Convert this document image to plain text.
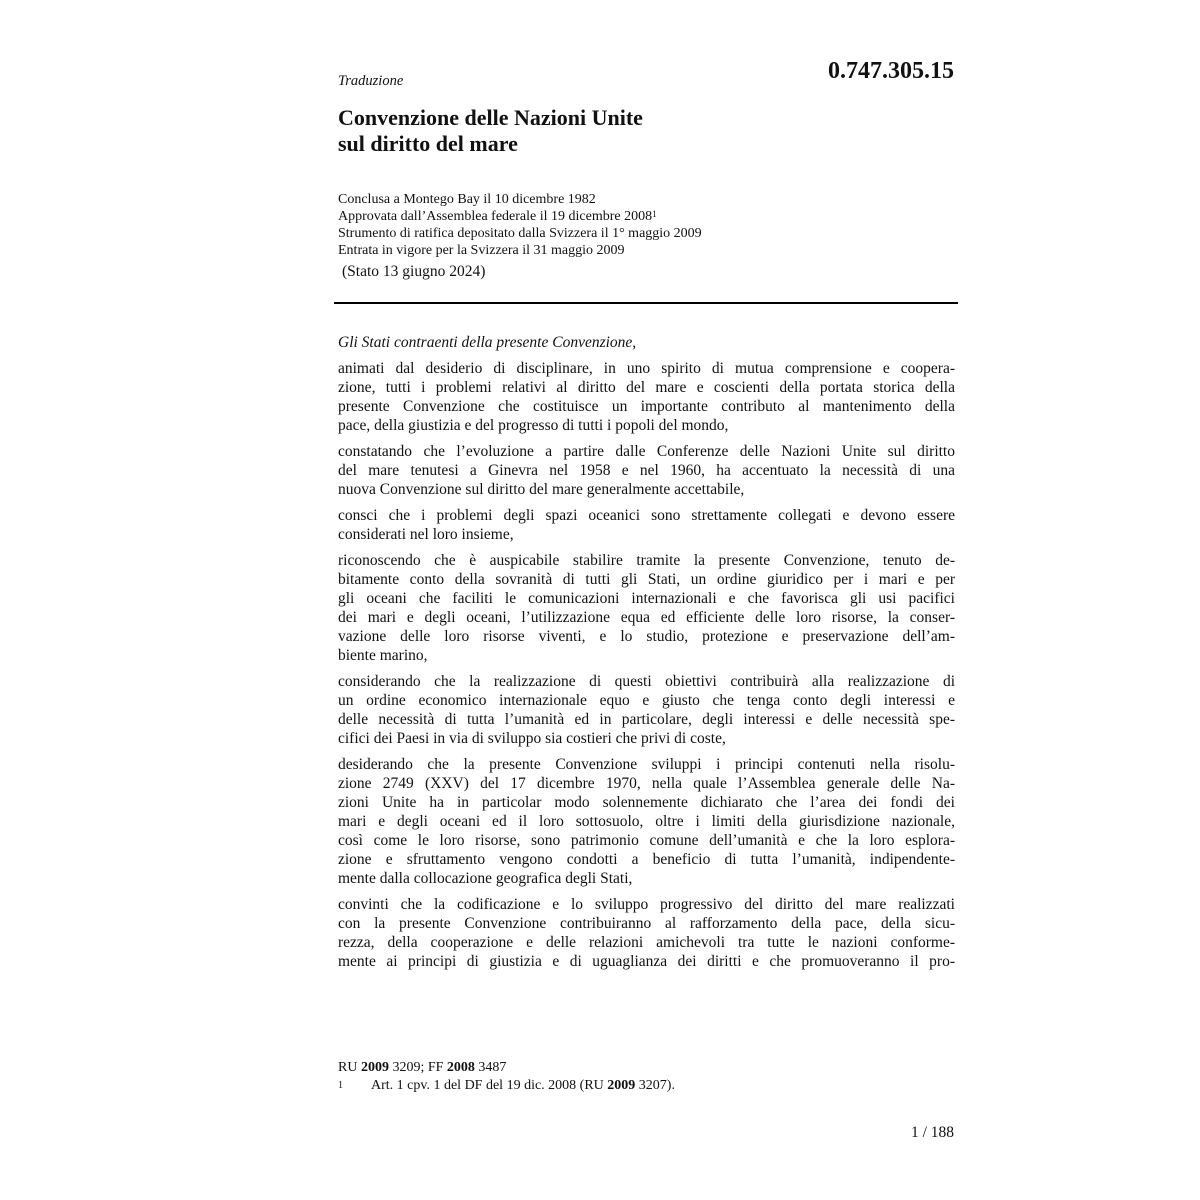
0.747.305.15
Traduzione
Convenzione delle Nazioni Unite
sul diritto del mare
Conclusa a Montego Bay il 10 dicembre 1982
Approvata dall’Assemblea federale il 19 dicembre 2008$^1$
Strumento di ratifica depositato dalla Svizzera il 1° maggio 2009
Entrata in vigore per la Svizzera il 31 maggio 2009
(Stato 13 giugno 2024)

Gli Stati contraenti della presente Convenzione,

animati dal desiderio di disciplinare, in uno spirito di mutua comprensione e coopera-
zione, tutti i problemi relativi al diritto del mare e coscienti della portata storica della
presente Convenzione che costituisce un importante contributo al mantenimento della
pace, della giustizia e del progresso di tutti i popoli del mondo,
constatando che l’evoluzione a partire dalle Conferenze delle Nazioni Unite sul diritto
del mare tenutesi a Ginevra nel 1958 e nel 1960, ha accentuato la necessità di una
nuova Convenzione sul diritto del mare generalmente accettabile,
consci che i problemi degli spazi oceanici sono strettamente collegati e devono essere
considerati nel loro insieme,
riconoscendo che è auspicabile stabilire tramite la presente Convenzione, tenuto de-
bitamente conto della sovranità di tutti gli Stati, un ordine giuridico per i mari e per
gli oceani che faciliti le comunicazioni internazionali e che favorisca gli usi pacifici
dei mari e degli oceani, l’utilizzazione equa ed efficiente delle loro risorse, la conser-
vazione delle loro risorse viventi, e lo studio, protezione e preservazione dell’am-
biente marino,
considerando che la realizzazione di questi obiettivi contribuirà alla realizzazione di
un ordine economico internazionale equo e giusto che tenga conto degli interessi e
delle necessità di tutta l’umanità ed in particolare, degli interessi e delle necessità spe-
cifici dei Paesi in via di sviluppo sia costieri che privi di coste,
desiderando che la presente Convenzione sviluppi i principi contenuti nella risolu-
zione 2749 (XXV) del 17 dicembre 1970, nella quale l’Assemblea generale delle Na-
zioni Unite ha in particolar modo solennemente dichiarato che l’area dei fondi dei
mari e degli oceani ed il loro sottosuolo, oltre i limiti della giurisdizione nazionale,
così come le loro risorse, sono patrimonio comune dell’umanità e che la loro esplora-
zione e sfruttamento vengono condotti a beneficio di tutta l’umanità, indipendente-
mente dalla collocazione geografica degli Stati,
convinti che la codificazione e lo sviluppo progressivo del diritto del mare realizzati
con la presente Convenzione contribuiranno al rafforzamento della pace, della sicu-
rezza, della cooperazione e delle relazioni amichevoli tra tutte le nazioni conforme-
mente ai principi di giustizia e di uguaglianza dei diritti e che promuoveranno il pro-
RU 2009 3209; FF 2008 3487
1 Art. 1 cpv. 1 del DF del 19 dic. 2008 (RU 2009 3207).
1 / 188
